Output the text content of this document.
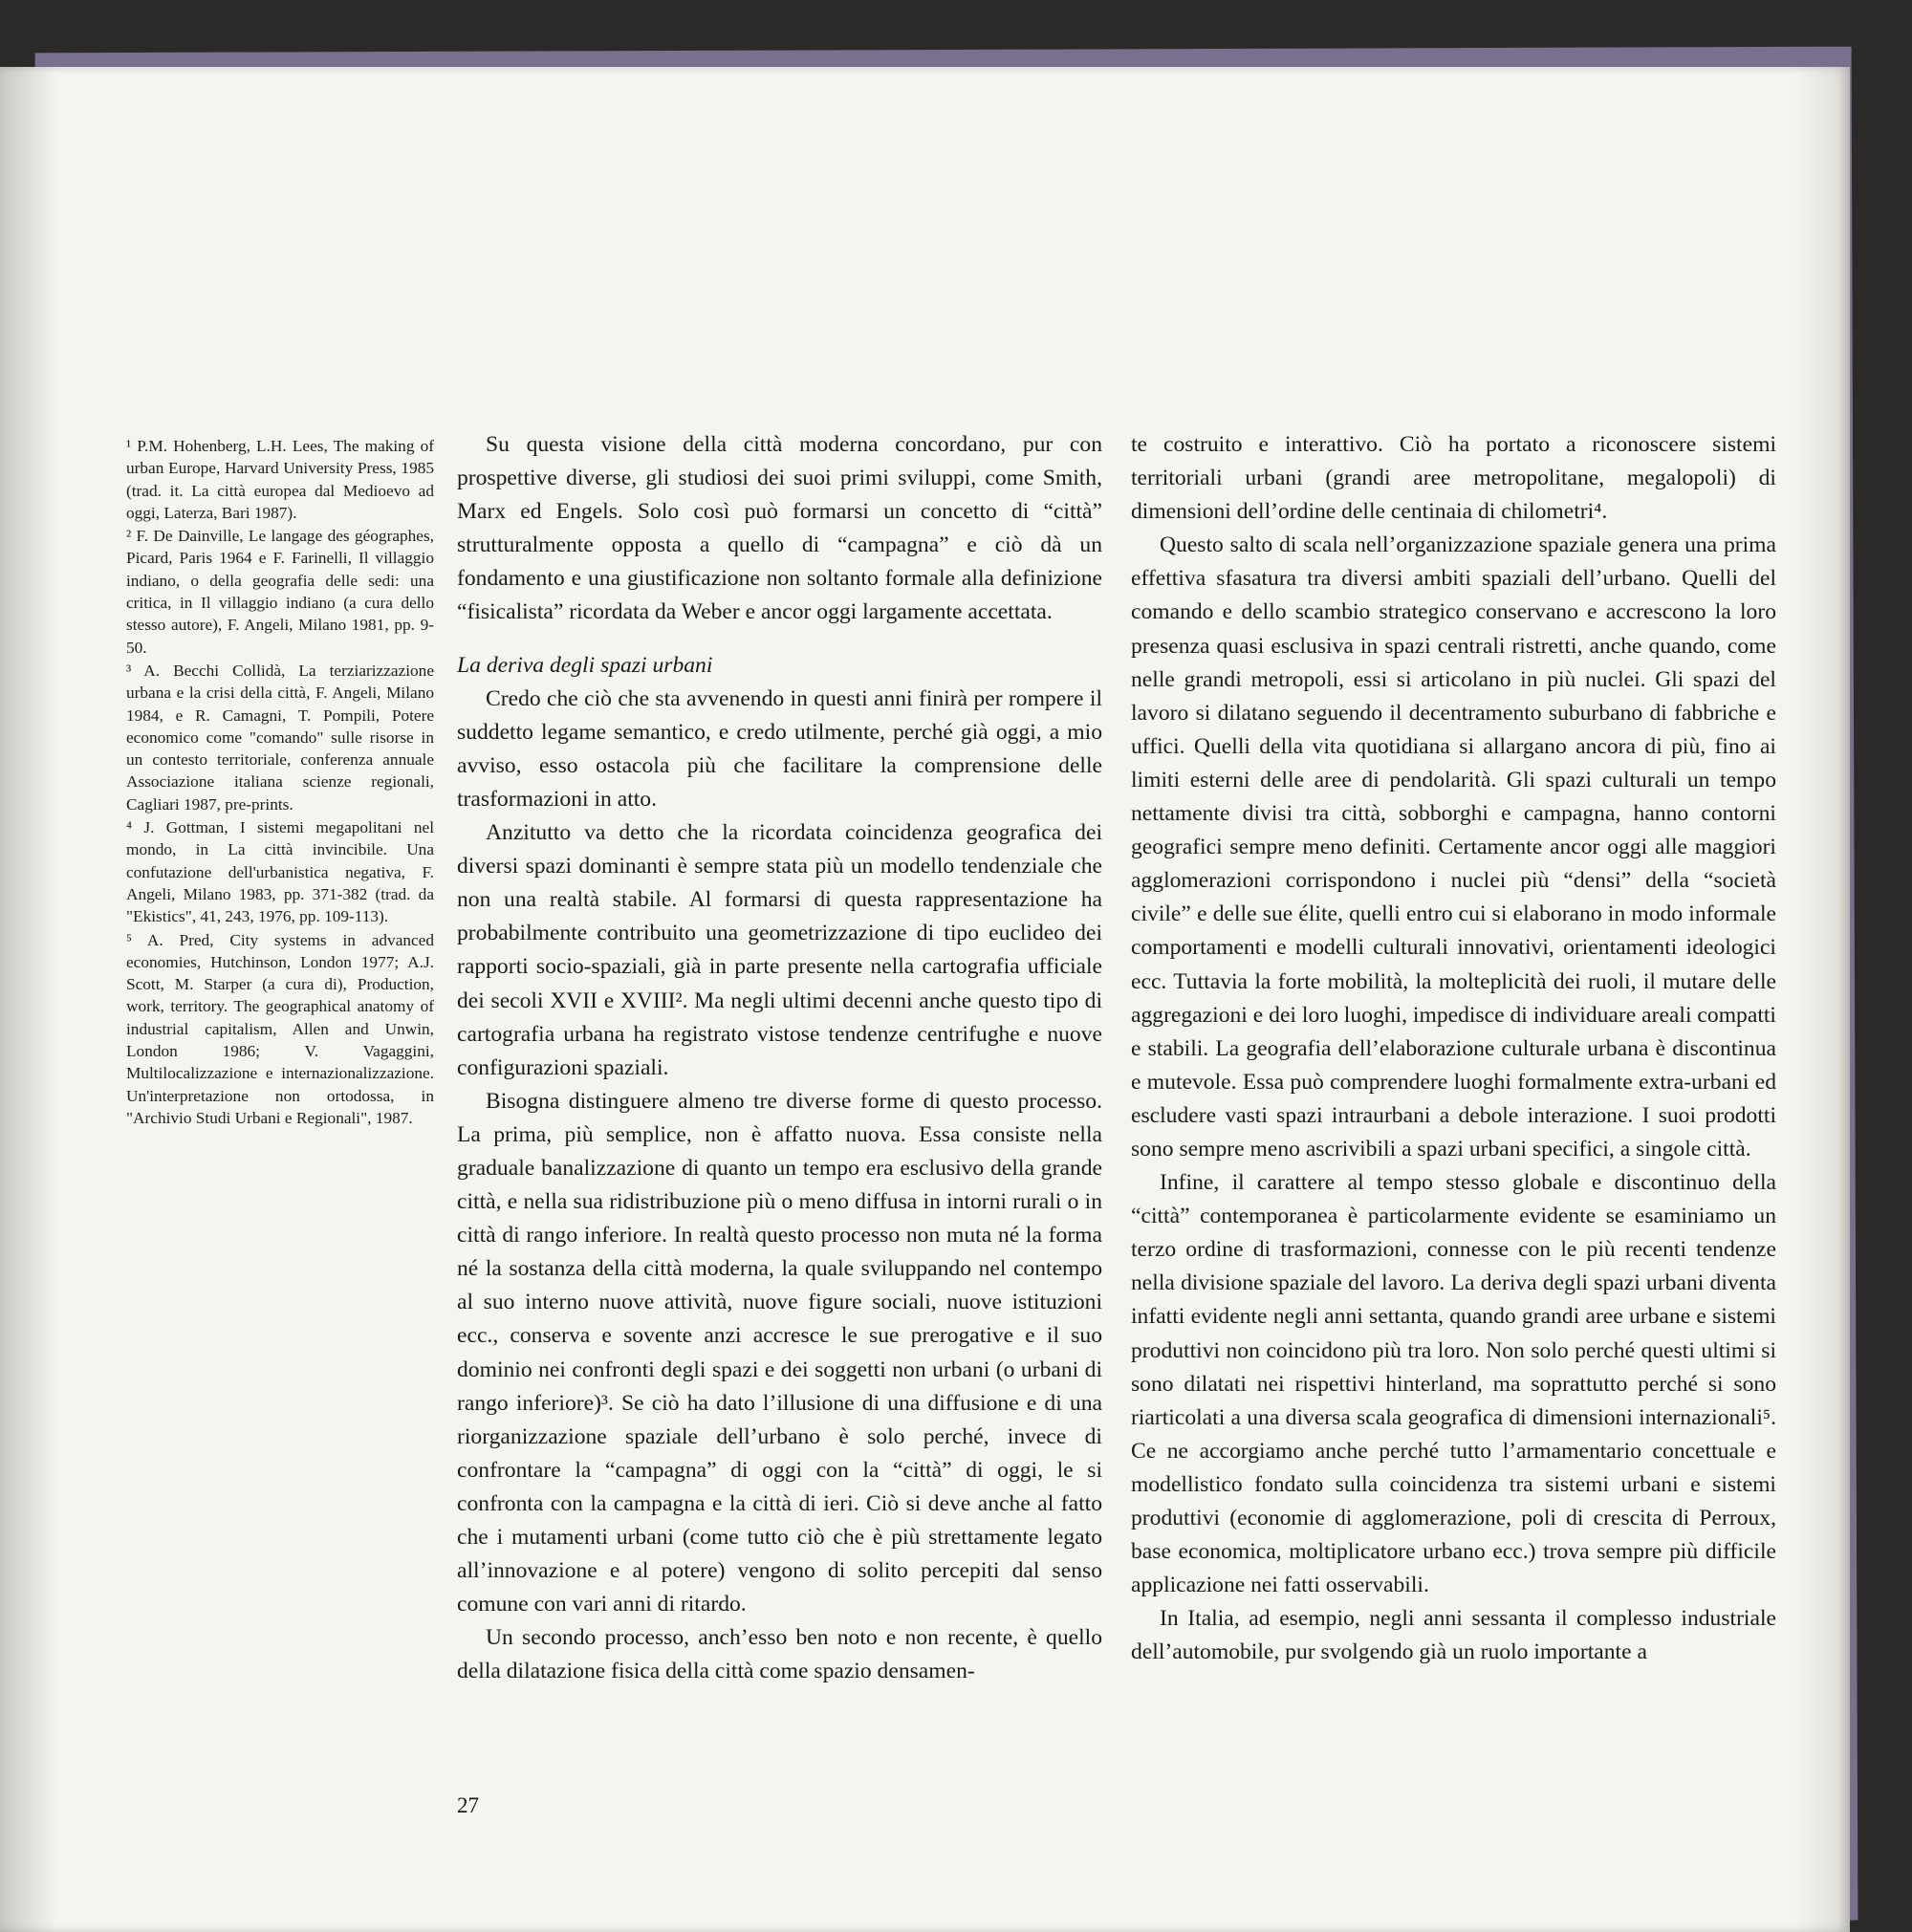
¹ P.M. Hohenberg, L.H. Lees, The making of urban Europe, Harvard University Press, 1985 (trad. it. La città europea dal Medioevo ad oggi, Laterza, Bari 1987).

² F. De Dainville, Le langage des géographes, Picard, Paris 1964 e F. Farinelli, Il villaggio indiano, o della geografia delle sedi: una critica, in Il villaggio indiano (a cura dello stesso autore), F. Angeli, Milano 1981, pp. 9-50.

³ A. Becchi Collidà, La terziarizzazione urbana e la crisi della città, F. Angeli, Milano 1984, e R. Camagni, T. Pompili, Potere economico come "comando" sulle risorse in un contesto territoriale, conferenza annuale Associazione italiana scienze regionali, Cagliari 1987, pre-prints.

⁴ J. Gottman, I sistemi megapolitani nel mondo, in La città invincibile. Una confutazione dell'urbanistica negativa, F. Angeli, Milano 1983, pp. 371-382 (trad. da "Ekistics", 41, 243, 1976, pp. 109-113).

⁵ A. Pred, City systems in advanced economies, Hutchinson, London 1977; A.J. Scott, M. Starper (a cura di), Production, work, territory. The geographical anatomy of industrial capitalism, Allen and Unwin, London 1986; V. Vagaggini, Multilocalizzazione e internazionalizzazione. Un'interpretazione non ortodossa, in "Archivio Studi Urbani e Regionali", 1987.

Su questa visione della città moderna concordano, pur con prospettive diverse, gli studiosi dei suoi primi sviluppi, come Smith, Marx ed Engels. Solo così può formarsi un concetto di “città” strutturalmente opposta a quello di “campagna” e ciò dà un fondamento e una giustificazione non soltanto formale alla definizione “fisicalista” ricordata da Weber e ancor oggi largamente accettata.

La deriva degli spazi urbani

Credo che ciò che sta avvenendo in questi anni finirà per rompere il suddetto legame semantico, e credo utilmente, perché già oggi, a mio avviso, esso ostacola più che facilitare la comprensione delle trasformazioni in atto.

Anzitutto va detto che la ricordata coincidenza geografica dei diversi spazi dominanti è sempre stata più un modello tendenziale che non una realtà stabile. Al formarsi di questa rappresentazione ha probabilmente contribuito una geometrizzazione di tipo euclideo dei rapporti socio-spaziali, già in parte presente nella cartografia ufficiale dei secoli XVII e XVIII². Ma negli ultimi decenni anche questo tipo di cartografia urbana ha registrato vistose tendenze centrifughe e nuove configurazioni spaziali.

Bisogna distinguere almeno tre diverse forme di questo processo. La prima, più semplice, non è affatto nuova. Essa consiste nella graduale banalizzazione di quanto un tempo era esclusivo della grande città, e nella sua ridistribuzione più o meno diffusa in intorni rurali o in città di rango inferiore. In realtà questo processo non muta né la forma né la sostanza della città moderna, la quale sviluppando nel contempo al suo interno nuove attività, nuove figure sociali, nuove istituzioni ecc., conserva e sovente anzi accresce le sue prerogative e il suo dominio nei confronti degli spazi e dei soggetti non urbani (o urbani di rango inferiore)³. Se ciò ha dato l’illusione di una diffusione e di una riorganizzazione spaziale dell’urbano è solo perché, invece di confrontare la “campagna” di oggi con la “città” di oggi, le si confronta con la campagna e la città di ieri. Ciò si deve anche al fatto che i mutamenti urbani (come tutto ciò che è più strettamente legato all’innovazione e al potere) vengono di solito percepiti dal senso comune con vari anni di ritardo.

Un secondo processo, anch’esso ben noto e non recente, è quello della dilatazione fisica della città come spazio densamen-

te costruito e interattivo. Ciò ha portato a riconoscere sistemi territoriali urbani (grandi aree metropolitane, megalopoli) di dimensioni dell’ordine delle centinaia di chilometri⁴.

Questo salto di scala nell’organizzazione spaziale genera una prima effettiva sfasatura tra diversi ambiti spaziali dell’urbano. Quelli del comando e dello scambio strategico conservano e accrescono la loro presenza quasi esclusiva in spazi centrali ristretti, anche quando, come nelle grandi metropoli, essi si articolano in più nuclei. Gli spazi del lavoro si dilatano seguendo il decentramento suburbano di fabbriche e uffici. Quelli della vita quotidiana si allargano ancora di più, fino ai limiti esterni delle aree di pendolarità. Gli spazi culturali un tempo nettamente divisi tra città, sobborghi e campagna, hanno contorni geografici sempre meno definiti. Certamente ancor oggi alle maggiori agglomerazioni corrispondono i nuclei più “densi” della “società civile” e delle sue élite, quelli entro cui si elaborano in modo informale comportamenti e modelli culturali innovativi, orientamenti ideologici ecc. Tuttavia la forte mobilità, la molteplicità dei ruoli, il mutare delle aggregazioni e dei loro luoghi, impedisce di individuare areali compatti e stabili. La geografia dell’elaborazione culturale urbana è discontinua e mutevole. Essa può comprendere luoghi formalmente extra-urbani ed escludere vasti spazi intraurbani a debole interazione. I suoi prodotti sono sempre meno ascrivibili a spazi urbani specifici, a singole città.

Infine, il carattere al tempo stesso globale e discontinuo della “città” contemporanea è particolarmente evidente se esaminiamo un terzo ordine di trasformazioni, connesse con le più recenti tendenze nella divisione spaziale del lavoro. La deriva degli spazi urbani diventa infatti evidente negli anni settanta, quando grandi aree urbane e sistemi produttivi non coincidono più tra loro. Non solo perché questi ultimi si sono dilatati nei rispettivi hinterland, ma soprattutto perché si sono riarticolati a una diversa scala geografica di dimensioni internazionali⁵. Ce ne accorgiamo anche perché tutto l’armamentario concettuale e modellistico fondato sulla coincidenza tra sistemi urbani e sistemi produttivi (economie di agglomerazione, poli di crescita di Perroux, base economica, moltiplicatore urbano ecc.) trova sempre più difficile applicazione nei fatti osservabili.

In Italia, ad esempio, negli anni sessanta il complesso industriale dell’automobile, pur svolgendo già un ruolo importante a

27
